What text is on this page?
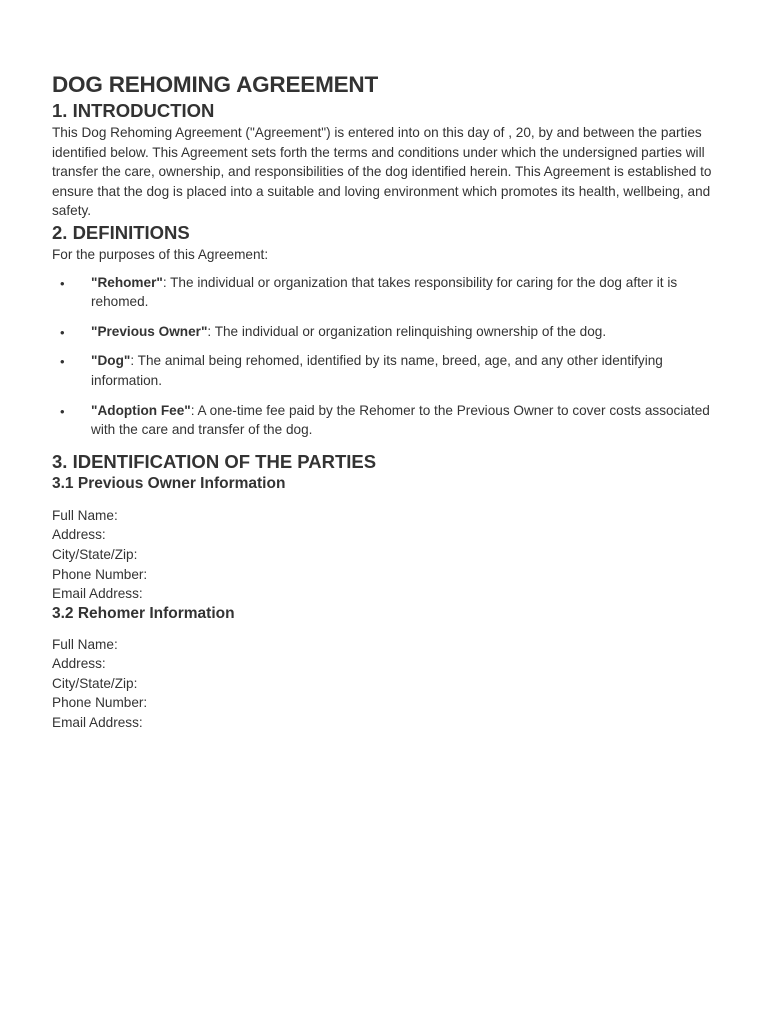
DOG REHOMING AGREEMENT
1. INTRODUCTION

This Dog Rehoming Agreement ("Agreement") is entered into on this day of , 20, by and between the parties identified below. This Agreement sets forth the terms and conditions under which the undersigned parties will transfer the care, ownership, and responsibilities of the dog identified herein. This Agreement is established to ensure that the dog is placed into a suitable and loving environment which promotes its health, wellbeing, and safety.

2. DEFINITIONS

For the purposes of this Agreement:

• "Rehomer": The individual or organization that takes responsibility for caring for the dog after it is rehomed.
• "Previous Owner": The individual or organization relinquishing ownership of the dog.
• "Dog": The animal being rehomed, identified by its name, breed, age, and any other identifying information.
• "Adoption Fee": A one-time fee paid by the Rehomer to the Previous Owner to cover costs associated with the care and transfer of the dog.
3. IDENTIFICATION OF THE PARTIES
3.1 Previous Owner Information
Full Name:
Address:
City/State/Zip:
Phone Number:
Email Address:
3.2 Rehomer Information
Full Name:
Address:
City/State/Zip:
Phone Number:
Email Address:
